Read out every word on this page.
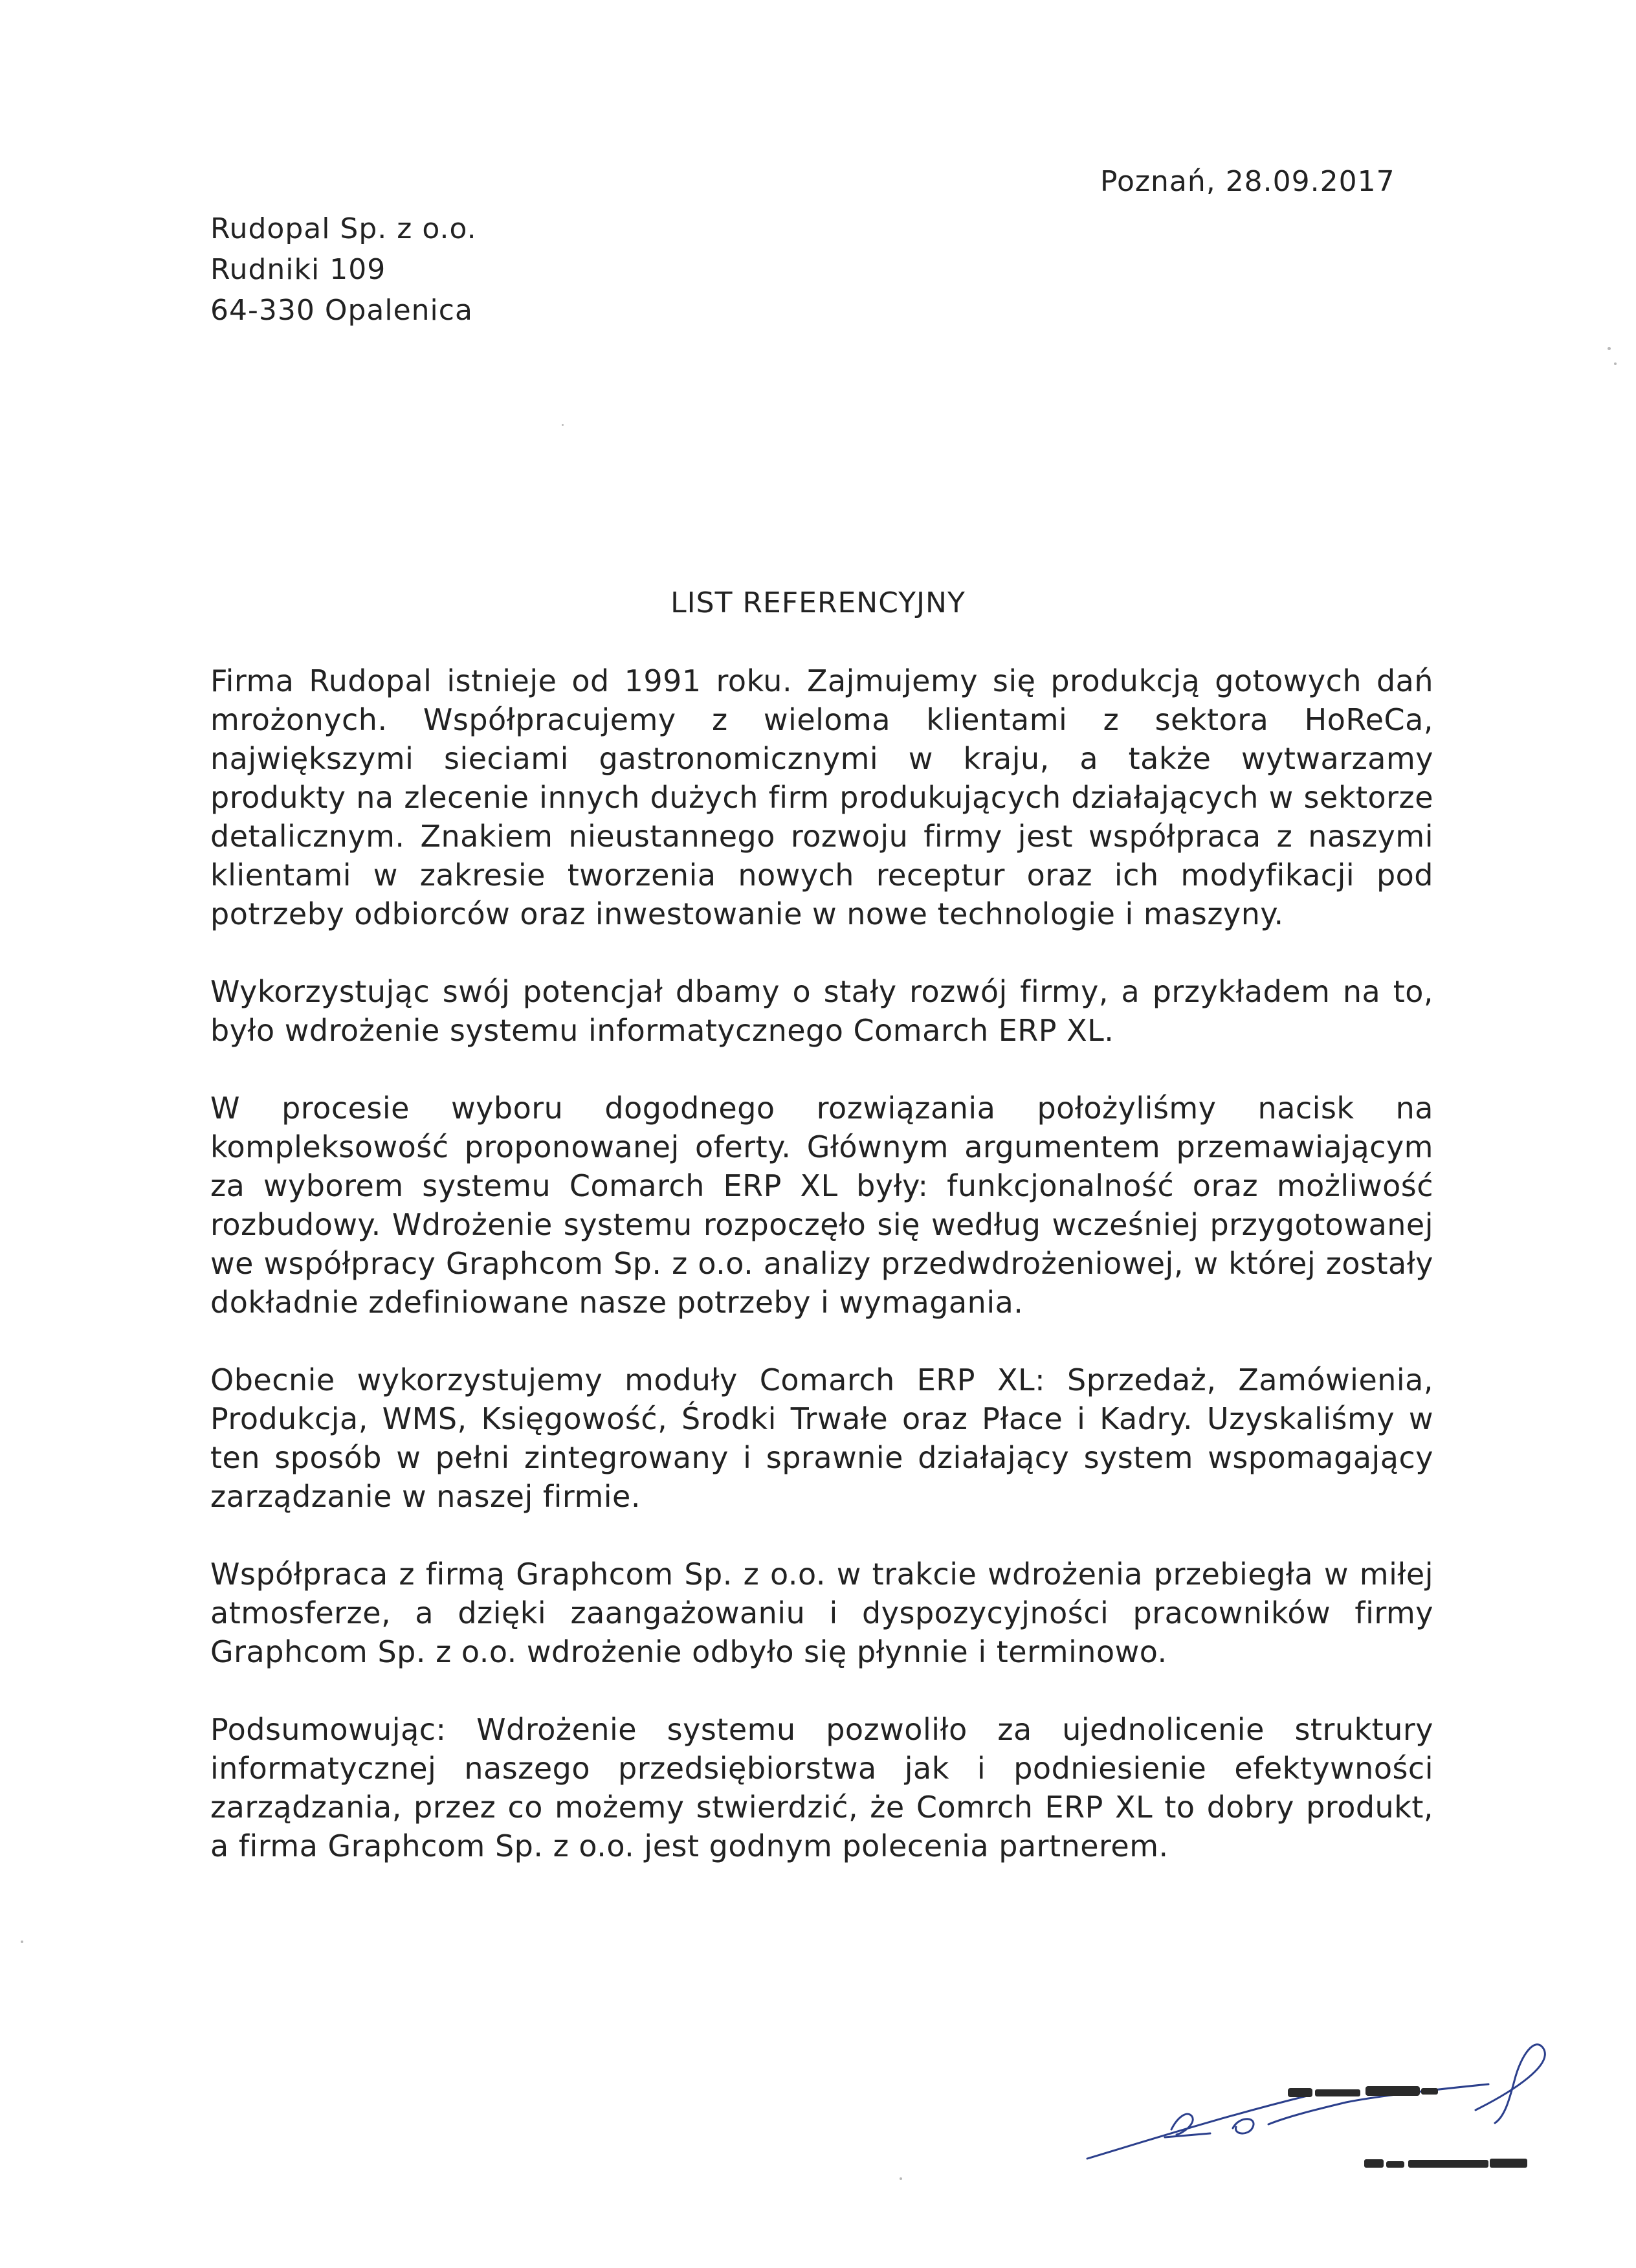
Poznań, 28.09.2017
Rudopal Sp. z o.o.
Rudniki 109
64-330 Opalenica
LIST REFERENCYJNY

Firma Rudopal istnieje od 1991 roku. Zajmujemy się produkcją gotowych dań mrożonych. Współpracujemy z wieloma klientami z sektora HoReCa, największymi sieciami gastronomicznymi w kraju, a także wytwarzamy produkty na zlecenie innych dużych firm produkujących działających w sektorze detalicznym. Znakiem nieustannego rozwoju firmy jest współpraca z naszymi klientami w zakresie tworzenia nowych receptur oraz ich modyfikacji pod potrzeby odbiorców oraz inwestowanie w nowe technologie i maszyny.

Wykorzystując swój potencjał dbamy o stały rozwój firmy, a przykładem na to, było wdrożenie systemu informatycznego Comarch ERP XL.

W procesie wyboru dogodnego rozwiązania położyliśmy nacisk na kompleksowość proponowanej oferty. Głównym argumentem przemawiającym za wyborem systemu Comarch ERP XL były: funkcjonalność oraz możliwość rozbudowy. Wdrożenie systemu rozpoczęło się według wcześniej przygotowanej we współpracy Graphcom Sp. z o.o. analizy przedwdrożeniowej, w której zostały dokładnie zdefiniowane nasze potrzeby i wymagania.

Obecnie wykorzystujemy moduły Comarch ERP XL: Sprzedaż, Zamówienia, Produkcja, WMS, Księgowość, Środki Trwałe oraz Płace i Kadry. Uzyskaliśmy w ten sposób w pełni zintegrowany i sprawnie działający system wspomagający zarządzanie w naszej firmie.

Współpraca z firmą Graphcom Sp. z o.o. w trakcie wdrożenia przebiegła w miłej atmosferze, a dzięki zaangażowaniu i dyspozycyjności pracowników firmy Graphcom Sp. z o.o. wdrożenie odbyło się płynnie i terminowo.

Podsumowując: Wdrożenie systemu pozwoliło za ujednolicenie struktury informatycznej naszego przedsiębiorstwa jak i podniesienie efektywności zarządzania, przez co możemy stwierdzić, że Comrch ERP XL to dobry produkt, a firma Graphcom Sp. z o.o. jest godnym polecenia partnerem.
